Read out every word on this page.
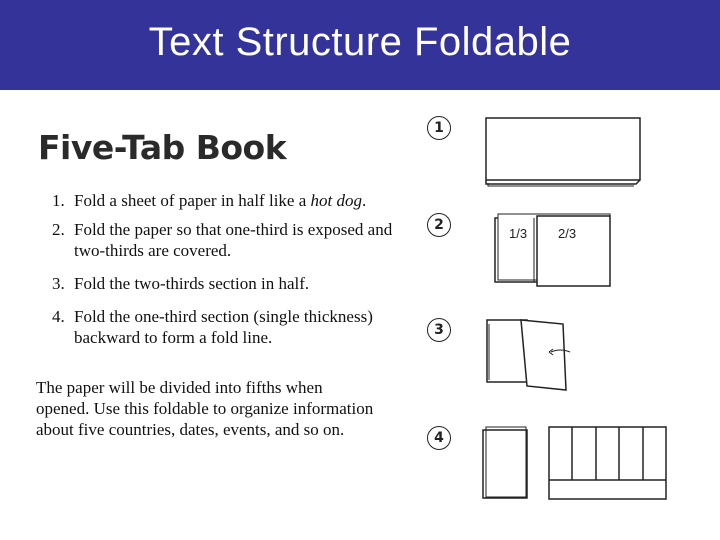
Text Structure Foldable
Five-Tab Book
1. Fold a sheet of paper in half like a hot dog.
2. Fold the paper so that one-third is exposed and two-thirds are covered.
3. Fold the two-thirds section in half.
4. Fold the one-third section (single thickness) backward to form a fold line.
The paper will be divided into fifths when opened. Use this foldable to organize information about five countries, dates, events, and so on.
1
2
3
4
1/3 2/3
